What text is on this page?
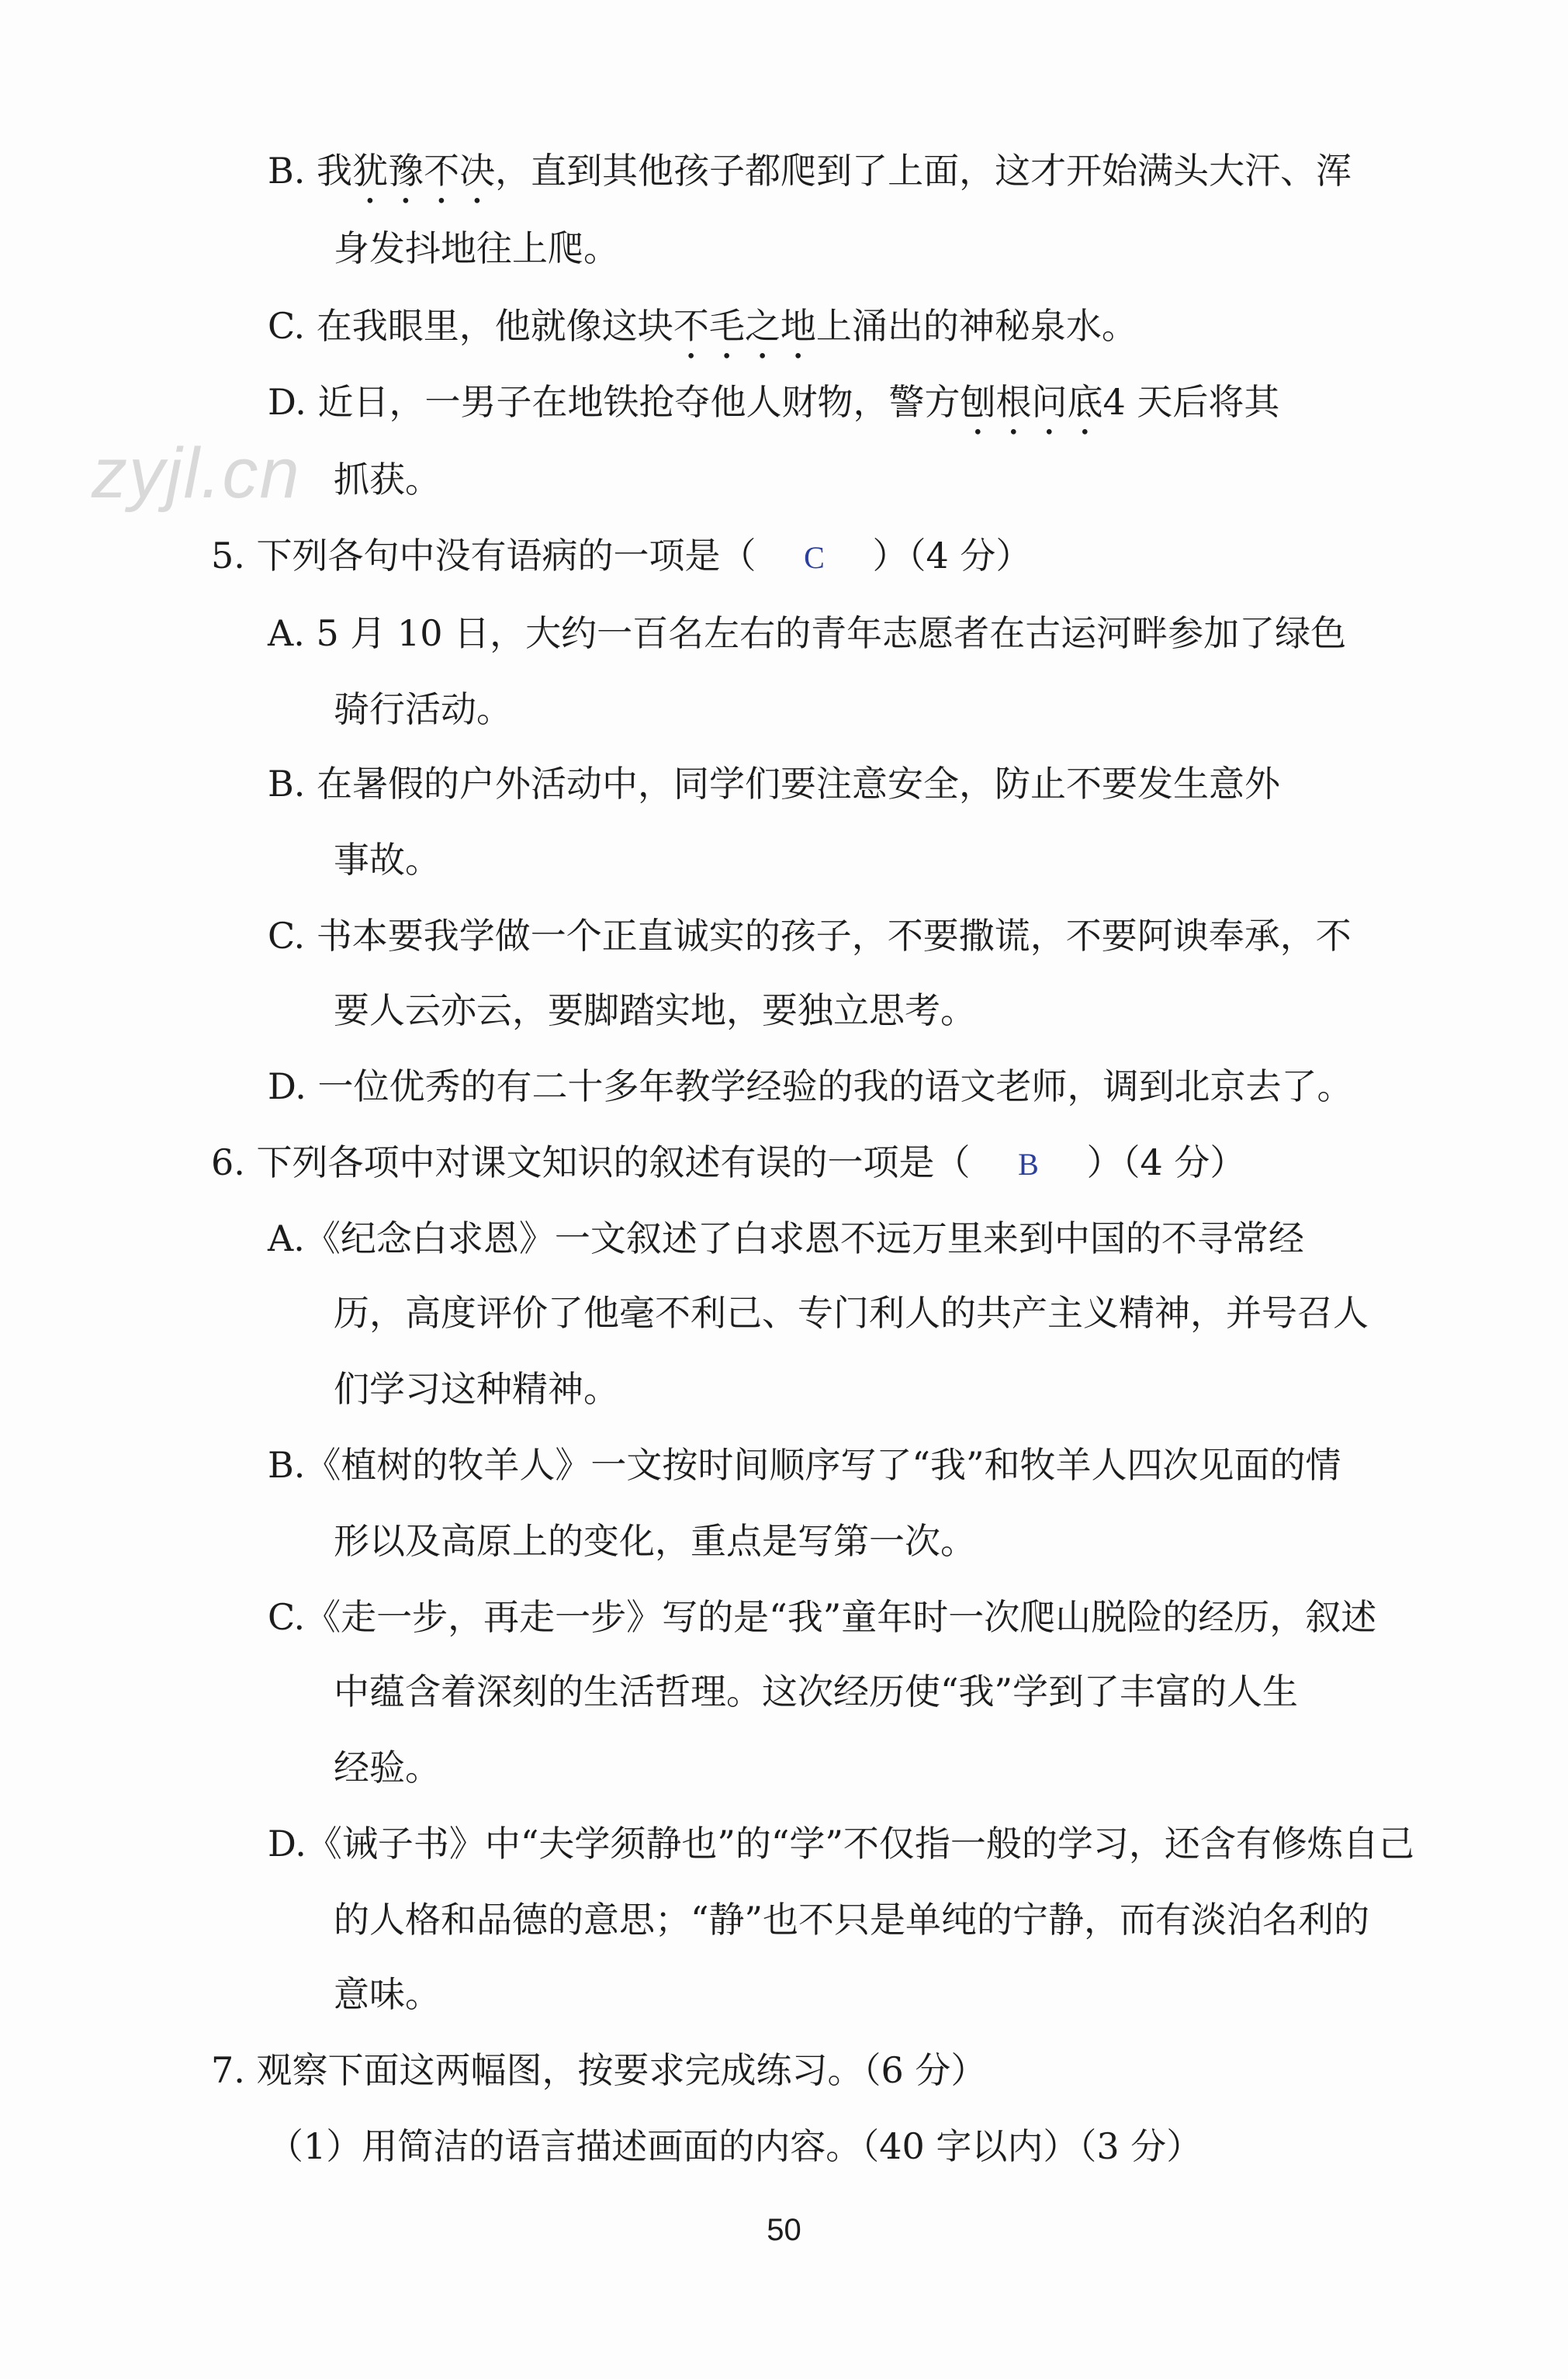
zyjl.cn
B. 我犹豫不决，直到其他孩子都爬到了上面，这才开始满头大汗、浑
身发抖地往上爬。
C. 在我眼里，他就像这块不毛之地上涌出的神秘泉水。
D. 近日，一男子在地铁抢夺他人财物，警方刨根问底4 天后将其
抓获。
5. 下列各句中没有语病的一项是（ C ）（4 分）
A. 5 月 10 日，大约一百名左右的青年志愿者在古运河畔参加了绿色
骑行活动。
B. 在暑假的户外活动中，同学们要注意安全，防止不要发生意外
事故。
C. 书本要我学做一个正直诚实的孩子，不要撒谎，不要阿谀奉承，不
要人云亦云，要脚踏实地，要独立思考。
D. 一位优秀的有二十多年教学经验的我的语文老师，调到北京去了。
6. 下列各项中对课文知识的叙述有误的一项是（ B ）（4 分）
A.《纪念白求恩》一文叙述了白求恩不远万里来到中国的不寻常经
历，高度评价了他毫不利己、专门利人的共产主义精神，并号召人
们学习这种精神。
B.《植树的牧羊人》一文按时间顺序写了“我”和牧羊人四次见面的情
形以及高原上的变化，重点是写第一次。
C.《走一步，再走一步》写的是“我”童年时一次爬山脱险的经历，叙述
中蕴含着深刻的生活哲理。这次经历使“我”学到了丰富的人生
经验。
D.《诫子书》中“夫学须静也”的“学”不仅指一般的学习，还含有修炼自己
的人格和品德的意思；“静”也不只是单纯的宁静，而有淡泊名利的
意味。
7. 观察下面这两幅图，按要求完成练习。（6 分）
（1）用简洁的语言描述画面的内容。（40 字以内）（3 分）
50
